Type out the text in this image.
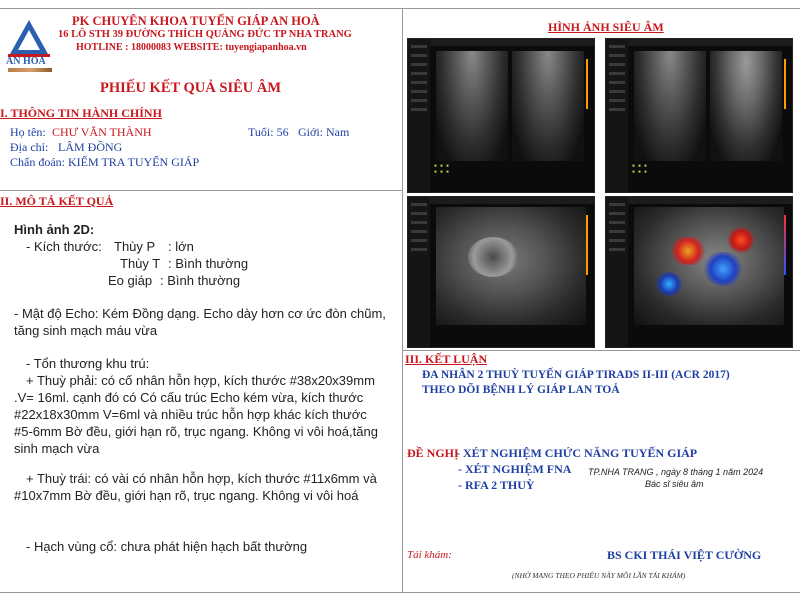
AN HOÀ
PK CHUYÊN KHOA TUYẾN GIÁP AN HOÀ
16 LÔ STH 39 ĐƯỜNG THÍCH QUẢNG ĐỨC TP NHA TRANG
HOTLINE : 18000083 WEBSITE: tuyengiapanhoa.vn
PHIẾU KẾT QUẢ SIÊU ÂM
I. THÔNG TIN HÀNH CHÍNH
Họ tên: CHƯ VĂN THÀNH	Tuổi: 56 Giới: Nam
Địa chỉ: LÂM ĐỒNG
Chẩn đoán: KIỂM TRA TUYẾN GIÁP
II. MÔ TẢ KẾT QUẢ
Hình ảnh 2D:
- Kích thước: Thùy P : lớn
Thùy T : Bình thường
Eo giáp : Bình thường
- Mật độ Echo: Kém Đồng dạng. Echo dày hơn cơ ức đòn chũm, tăng sinh mạch máu vừa
- Tổn thương khu trú:
+ Thuỳ phải: có cố nhân hỗn hợp, kích thước #38x20x39mm .V= 16ml. cạnh đó có Có cấu trúc Echo kém vừa, kích thước #22x18x30mm V=6ml và nhiều trúc hỗn hợp khác kích thước #5-6mm Bờ đều, giới hạn rõ, trục ngang. Không vi vôi hoá,tăng sinh mạch vừa
+ Thuỳ trái: có vài có nhân hỗn hợp, kích thước #11x6mm và #10x7mm Bờ đều, giới hạn rõ, trục ngang. Không vi vôi hoá
- Hạch vùng cổ: chưa phát hiện hạch bất thường
HÌNH ẢNH SIÊU ÂM
▪ ▪ ▪
▪ ▪ ▪
▪ ▪ ▪
▪ ▪ ▪
III. KẾT LUẬN
ĐA NHÂN 2 THUỲ TUYẾN GIÁP TIRADS II-III (ACR 2017)
THEO DÕI BỆNH LÝ GIÁP LAN TOẢ
ĐỀ NGHỊ
- XÉT NGHIỆM CHỨC NĂNG TUYẾN GIÁP
- XÉT NGHIỆM FNA
- RFA 2 THUỲ
TP.NHA TRANG , ngày 8 tháng 1 năm 2024
Bác sĩ siêu âm
Tái khám:	BS CKI THÁI VIỆT CƯỜNG
(NHỚ MANG THEO PHIẾU NÀY MỖI LẦN TÁI KHÁM)
